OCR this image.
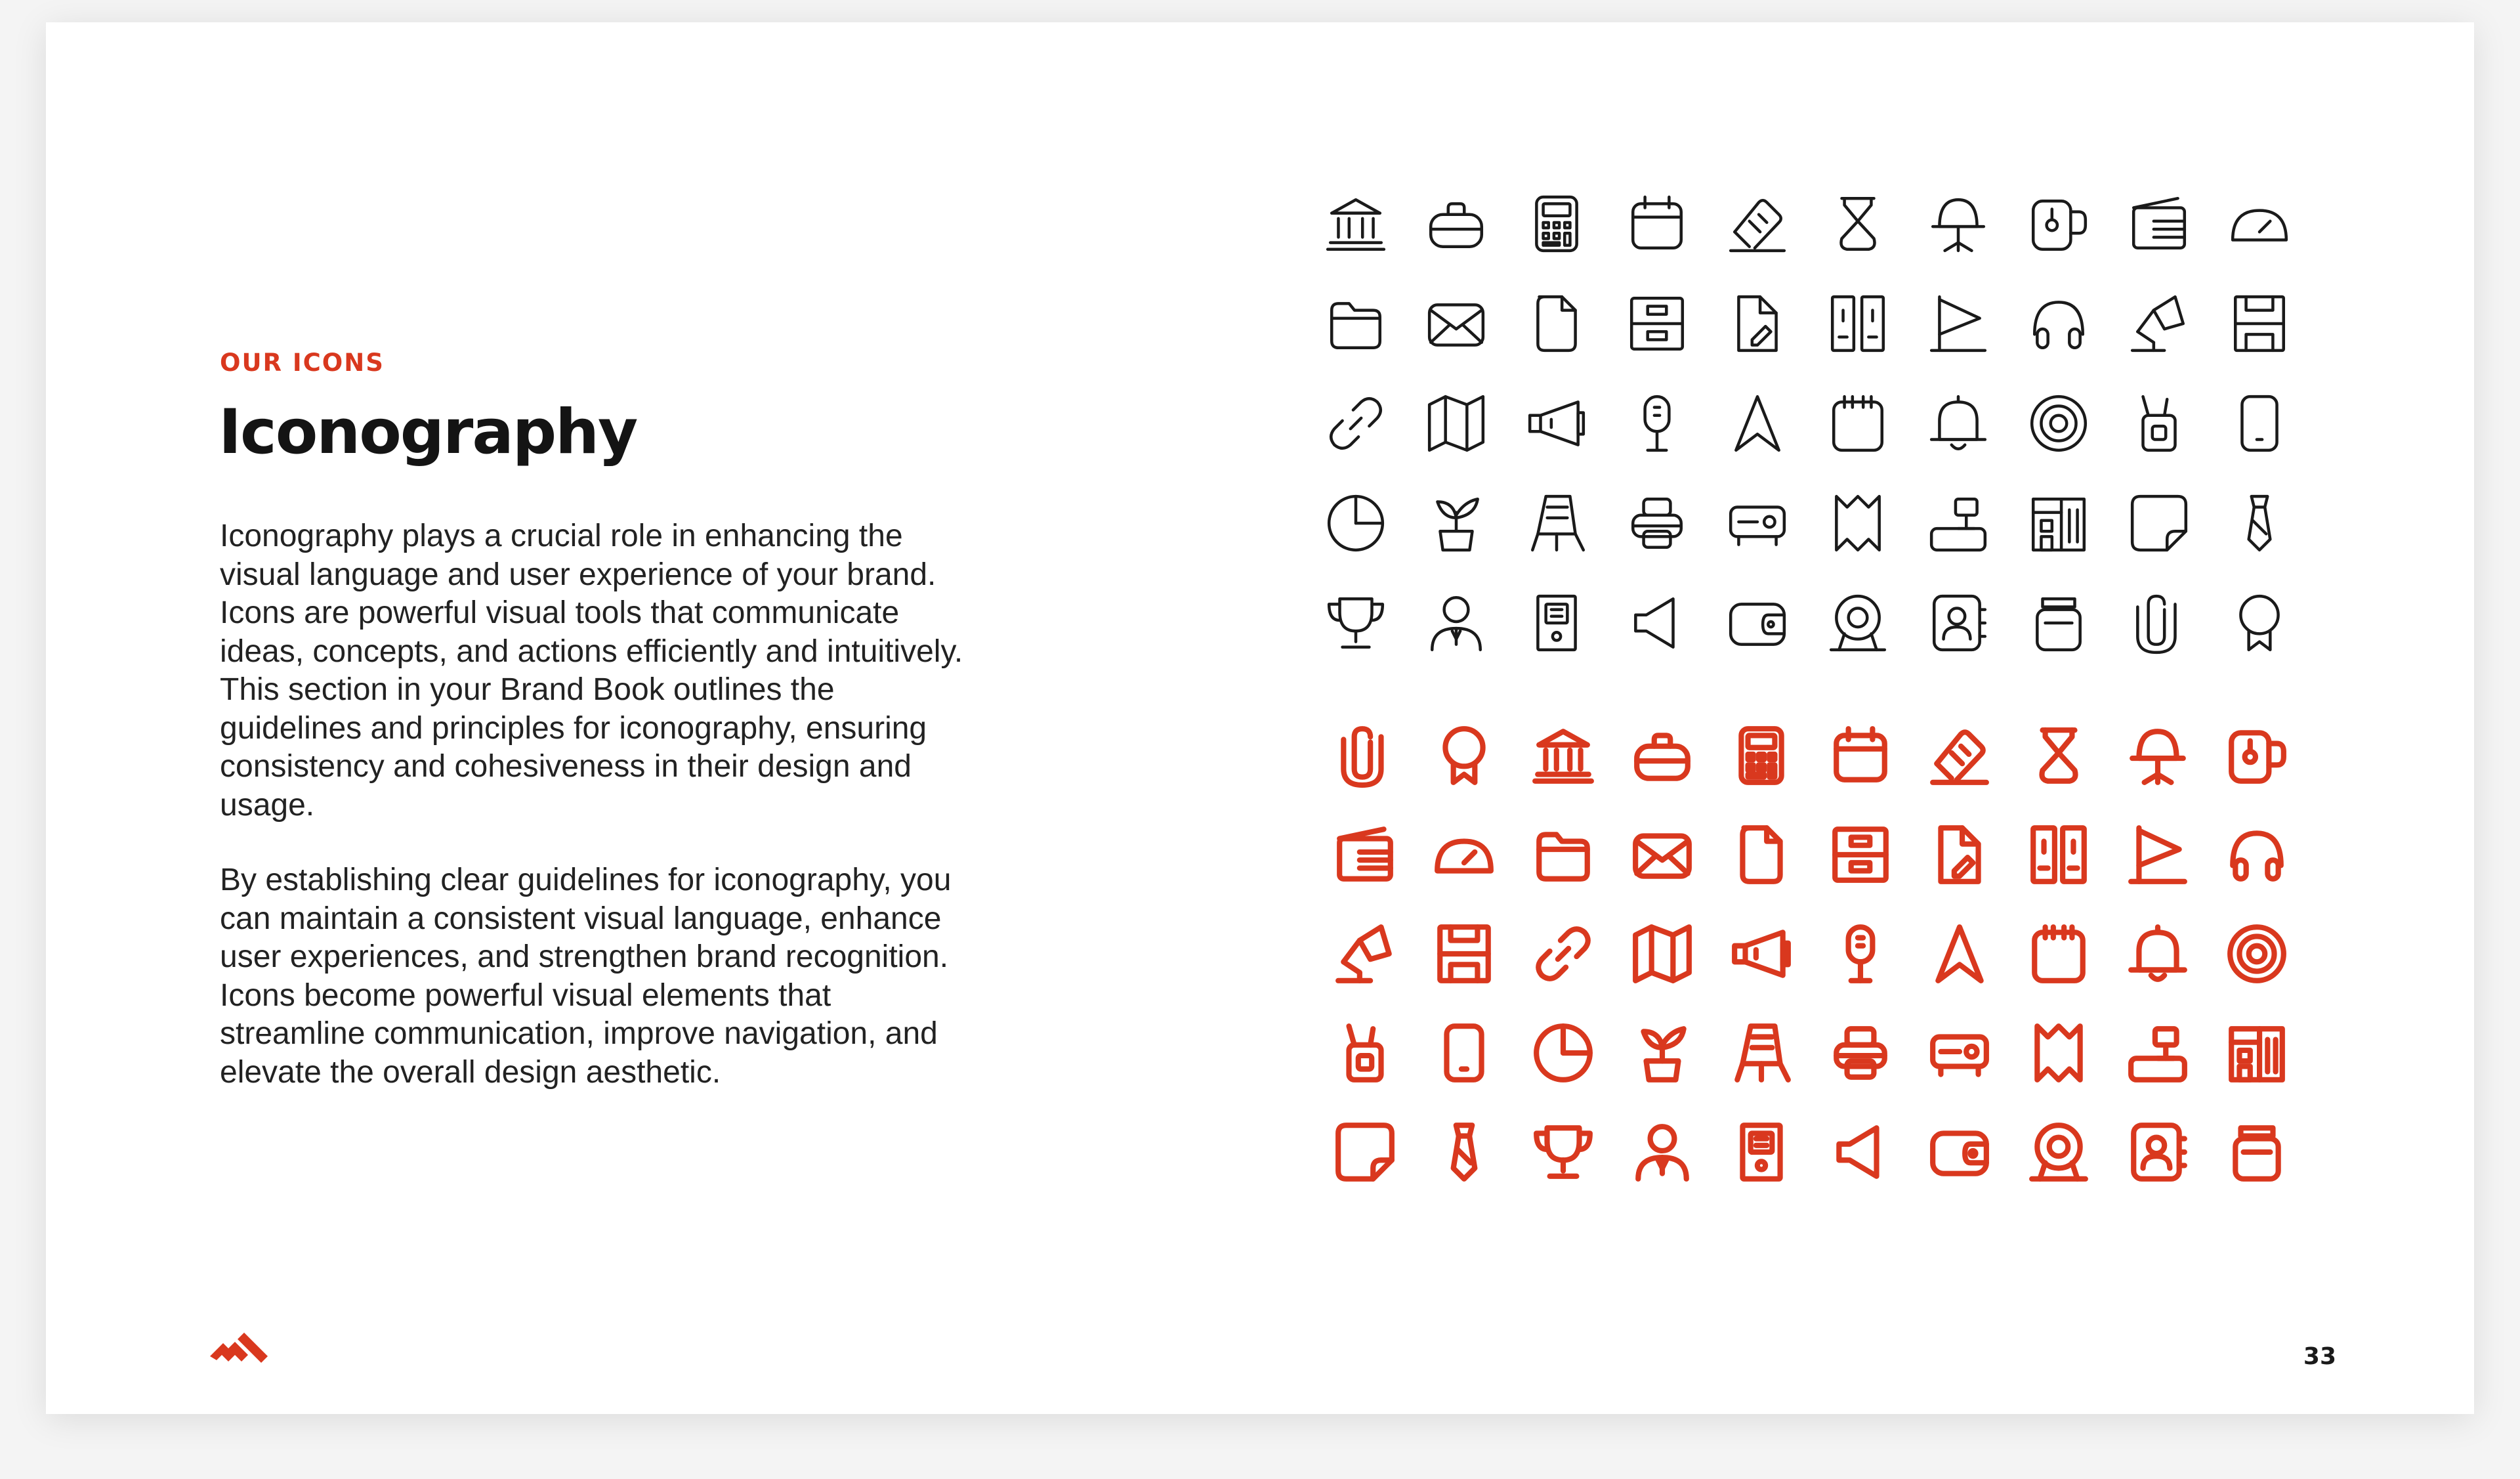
OUR ICONS
Iconography

Iconography plays a crucial role in enhancing the
visual language and user experience of your brand.
Icons are powerful visual tools that communicate
ideas, concepts, and actions efficiently and intuitively.
This section in your Brand Book outlines the
guidelines and principles for iconography, ensuring
consistency and cohesiveness in their design and
usage.

By establishing clear guidelines for iconography, you
can maintain a consistent visual language, enhance
user experiences, and strengthen brand recognition.
Icons become powerful visual elements that
streamline communication, improve navigation, and
elevate the overall design aesthetic.

33
